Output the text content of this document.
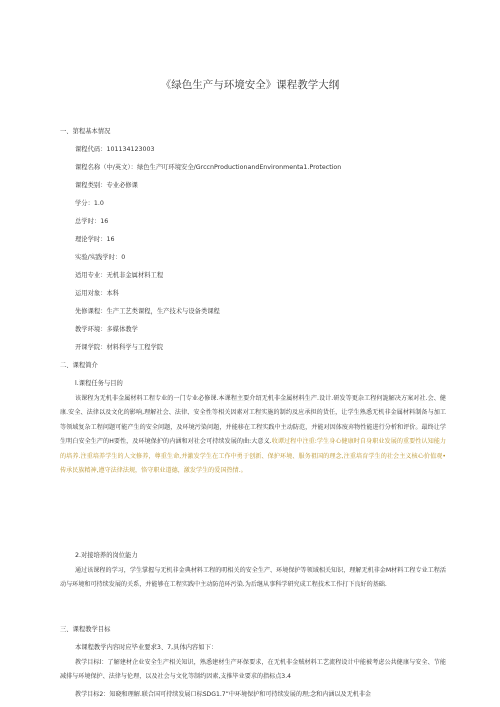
《绿色生产与环境安全》课程教学大纲
一、第程基本情况
课程代码：101134123003
课程名称（中/英文）：绿色生产叮环境安全/GrccnProductionandEnvironmenta1.Protection
课程类别：专业必修课
学分：1.0
总学时：16
理论学时：16
实验/实践学时：0
适用专业：无机非金属材料工程
运用对象：本科
先修课程：生产工艺类课程，生产技术与设备类课程
教学环境：多媒体教学
开课学院：材料科学与工程学院
二、课程简介
l.课程任务与目的

该课程为无机非金属材料工程专业的一门专业必修课.本课程主要介绍无机非金属材料生产.设计.研发等更杂工程何詭解决方案对社.会、健康.安全、法律以及文化的影响,理解社会、法律、安全性等相关因素对工程实施的制约及应承担的货任，让学生熟悉无机非金属材料制备与加工等领域复杂工程问题可能产生的安全问题，及环境污染问題，并能移在工程实践中主动防范，并能对因体废弃物性能进行分析和评价。最终让学生明白安全生产的H要性，及环境保护的内涵和对社会可持续发展的曲:大意义.收谭过程中注重:学生身心健康时自身职业发展的重要性认知能力的培养.注重培养学生的人文修养，尊重生命,并激发学生在工作中勇于创新、保护环境、服务祖国的理念,注重培育学生的社会主义核心价值观•传承民族精神,遵守法律法规，恪守职业道德，激发学生的爱国热情.。

2.对接培养的岗位能力

通过该课程的学习，学生掌握与无机非金典材料工程的叨相关的安全生产、环境保护等领域相关知识，理解无机非金M材料工程专业工程活动与环境和可持续发展的关系，并能够在工程实践中主动防范环污染.为后继从事科学研究成工程技术工作打下良好的基础.

三、课程教学目标
本课程教学内容时应毕业要求3、7,具体内容如下：

教学目标l：了解建材企业安全生产相关知识，熟悉建材生产环保要求，在无机非金贼材料工艺流程设计中能被考虑公共健康与安全、节能减排与环境保护、法律与伦理，以及社会与文化等制约因素,支推毕业要求的指标点3.4

教学目标2：知晓和理解.联合国可持续发展口标SDG1.7”中环境保护和可持续发展的理;念和内涵以及无机非金
